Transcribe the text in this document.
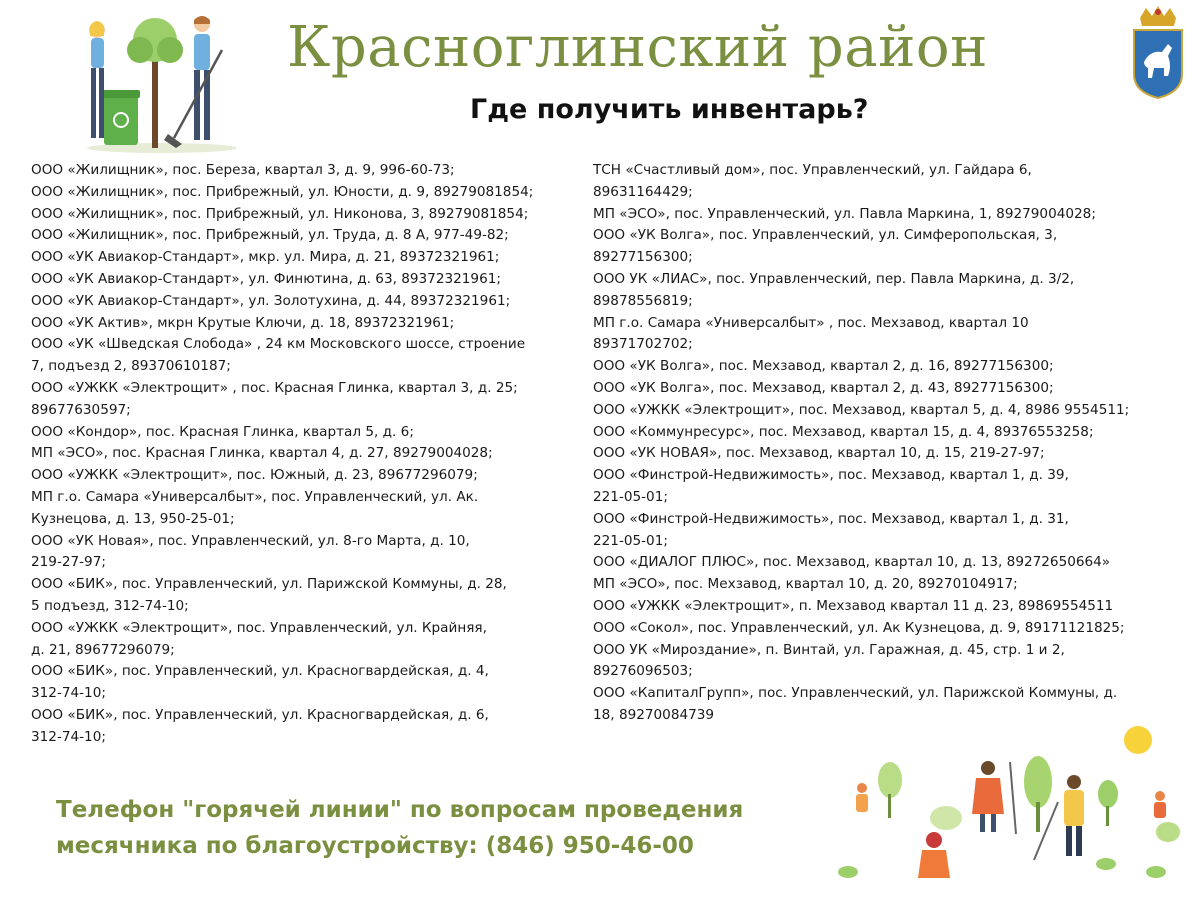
Красноглинский район
Где получить инвентарь?
ООО «Жилищник», пос. Береза, квартал 3, д. 9, 996-60-73;
ООО «Жилищник», пос. Прибрежный, ул. Юности, д. 9, 89279081854;
ООО «Жилищник», пос. Прибрежный, ул. Никонова, 3, 89279081854;
ООО «Жилищник», пос. Прибрежный, ул. Труда, д. 8 А, 977-49-82;
ООО «УК Авиакор-Стандарт», мкр. ул. Мира, д. 21, 89372321961;
ООО «УК Авиакор-Стандарт», ул. Финютина, д. 63, 89372321961;
ООО «УК Авиакор-Стандарт», ул. Золотухина, д. 44, 89372321961;
ООО «УК Актив», мкрн Крутые Ключи, д. 18, 89372321961;
ООО «УК «Шведская Слобода» , 24 км Московского шоссе, строение
7, подъезд 2, 89370610187;
ООО «УЖКК «Электрощит» , пос. Красная Глинка, квартал 3, д. 25;
89677630597;
ООО «Кондор», пос. Красная Глинка, квартал 5, д. 6;
МП «ЭСО», пос. Красная Глинка, квартал 4, д. 27, 89279004028;
ООО «УЖКК «Электрощит», пос. Южный, д. 23, 89677296079;
МП г.о. Самара «Универсалбыт», пос. Управленческий, ул. Ак.
Кузнецова, д. 13, 950-25-01;
ООО «УК Новая», пос. Управленческий, ул. 8-го Марта, д. 10,
219-27-97;
ООО «БИК», пос. Управленческий, ул. Парижской Коммуны, д. 28,
5 подъезд, 312-74-10;
ООО «УЖКК «Электрощит», пос. Управленческий, ул. Крайняя,
д. 21, 89677296079;
ООО «БИК», пос. Управленческий, ул. Красногвардейская, д. 4,
312-74-10;
ООО «БИК», пос. Управленческий, ул. Красногвардейская, д. 6,
312-74-10;
ТСН «Счастливый дом», пос. Управленческий, ул. Гайдара 6,
89631164429;
МП «ЭСО», пос. Управленческий, ул. Павла Маркина, 1, 89279004028;
ООО «УК Волга», пос. Управленческий, ул. Симферопольская, 3,
89277156300;
ООО УК «ЛИАС», пос. Управленческий, пер. Павла Маркина, д. 3/2,
89878556819;
МП г.о. Самара «Универсалбыт» , пос. Мехзавод, квартал 10
89371702702;
ООО «УК Волга», пос. Мехзавод, квартал 2, д. 16, 89277156300;
ООО «УК Волга», пос. Мехзавод, квартал 2, д. 43, 89277156300;
ООО «УЖКК «Электрощит», пос. Мехзавод, квартал 5, д. 4, 8986 9554511;
ООО «Коммунресурс», пос. Мехзавод, квартал 15, д. 4, 89376553258;
ООО «УК НОВАЯ», пос. Мехзавод, квартал 10, д. 15, 219-27-97;
ООО «Финстрой-Недвижимость», пос. Мехзавод, квартал 1, д. 39,
221-05-01;
ООО «Финстрой-Недвижимость», пос. Мехзавод, квартал 1, д. 31,
221-05-01;
ООО «ДИАЛОГ ПЛЮС», пос. Мехзавод, квартал 10, д. 13, 89272650664»
МП «ЭСО», пос. Мехзавод, квартал 10, д. 20, 89270104917;
ООО «УЖКК «Электрощит», п. Мехзавод квартал 11 д. 23, 89869554511
ООО «Сокол», пос. Управленческий, ул. Ак Кузнецова, д. 9, 89171121825;
ООО УК «Мироздание», п. Винтай, ул. Гаражная, д. 45, стр. 1 и 2,
89276096503;
ООО «КапиталГрупп», пос. Управленческий, ул. Парижской Коммуны, д.
18, 89270084739
Телефон "горячей линии" по вопросам проведения
месячника по благоустройству: (846) 950-46-00
